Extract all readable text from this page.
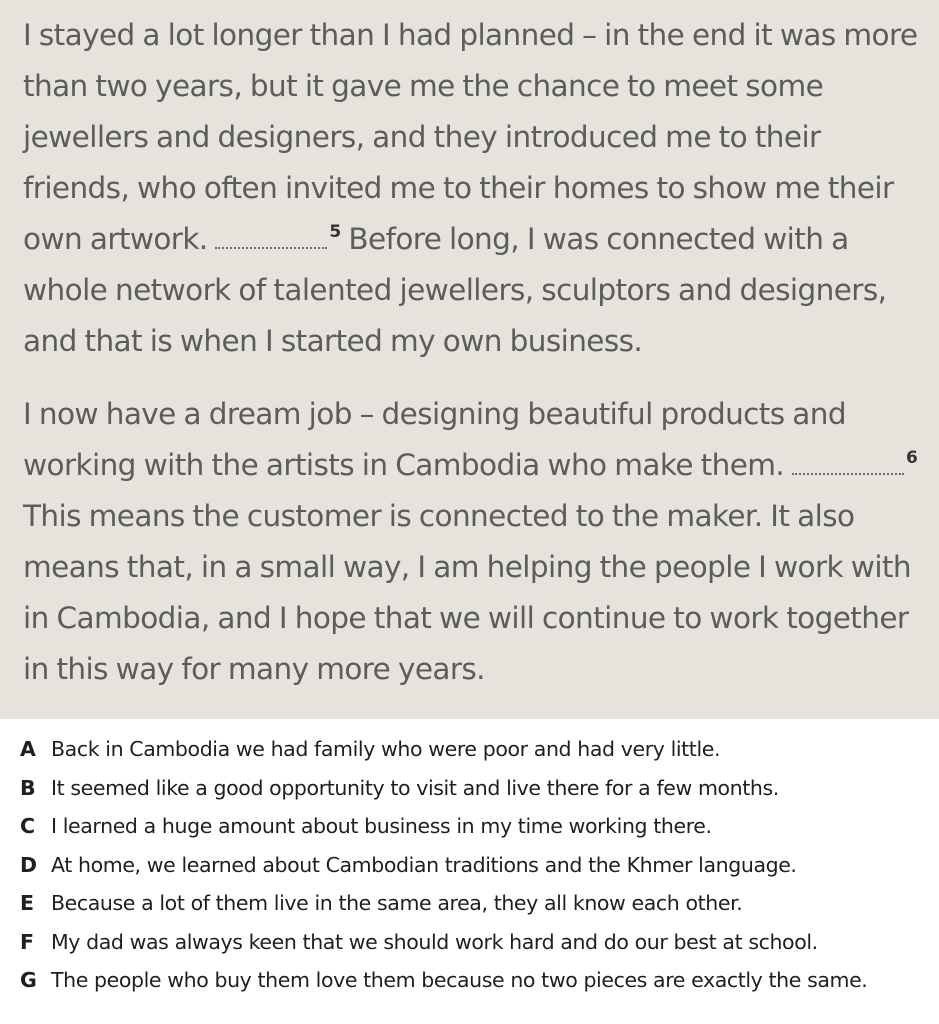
I stayed a lot longer than I had planned – in the end it was more than two years, but it gave me the chance to meet some jewellers and designers, and they introduced me to their friends, who often invited me to their homes to show me their own artwork.	$^5$ Before long, I was connected with a whole network of talented jewellers, sculptors and designers, and that is when I started my own business.

I now have a dream job – designing beautiful products and working with the artists in Cambodia who make them.	$^6$ This means the customer is connected to the maker. It also means that, in a small way, I am helping the people I work with in Cambodia, and I hope that we will continue to work together in this way for many more years.

A Back in Cambodia we had family who were poor and had very little.
B It seemed like a good opportunity to visit and live there for a few months.
C I learned a huge amount about business in my time working there.
D At home, we learned about Cambodian traditions and the Khmer language.
E Because a lot of them live in the same area, they all know each other.
F My dad was always keen that we should work hard and do our best at school.
G The people who buy them love them because no two pieces are exactly the same.
